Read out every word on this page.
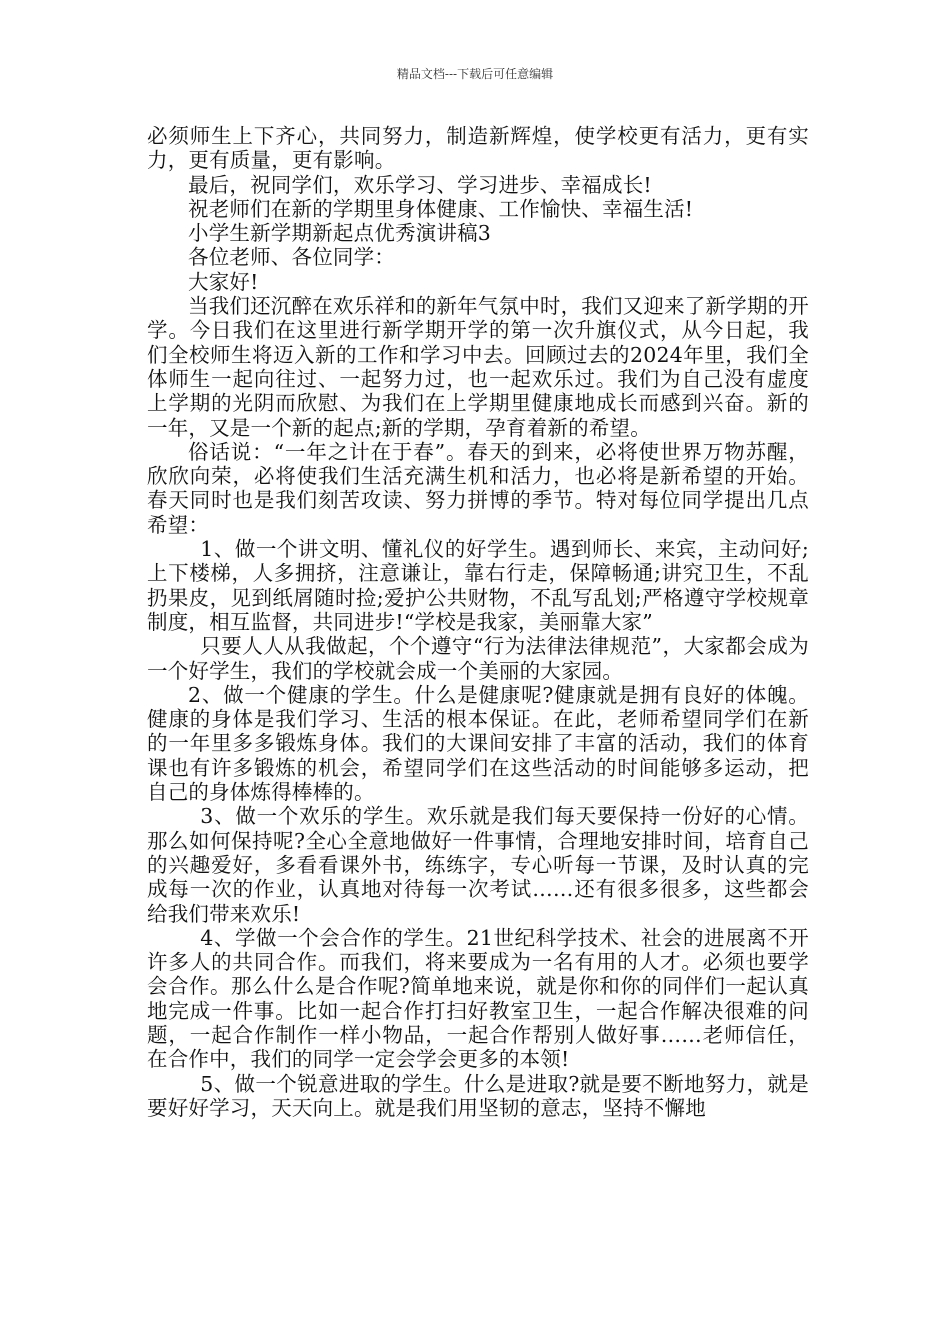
精品文档---下载后可任意编辑

必须师生上下齐心，共同努力，制造新辉煌，使学校更有活力，更有实力，更有质量，更有影响。

最后，祝同学们，欢乐学习、学习进步、幸福成长!

祝老师们在新的学期里身体健康、工作愉快、幸福生活!

小学生新学期新起点优秀演讲稿3

各位老师、各位同学：

大家好!

当我们还沉醉在欢乐祥和的新年气氛中时，我们又迎来了新学期的开学。今日我们在这里进行新学期开学的第一次升旗仪式，从今日起，我们全校师生将迈入新的工作和学习中去。回顾过去的2024年里，我们全体师生一起向往过、一起努力过，也一起欢乐过。我们为自己没有虚度上学期的光阴而欣慰、为我们在上学期里健康地成长而感到兴奋。新的一年，又是一个新的起点;新的学期，孕育着新的希望。

俗话说：“一年之计在于春”。春天的到来，必将使世界万物苏醒，欣欣向荣，必将使我们生活充满生机和活力，也必将是新希望的开始。春天同时也是我们刻苦攻读、努力拼博的季节。特对每位同学提出几点希望：

1、做一个讲文明、懂礼仪的好学生。遇到师长、来宾，主动问好;上下楼梯，人多拥挤，注意谦让，靠右行走，保障畅通;讲究卫生，不乱扔果皮，见到纸屑随时捡;爱护公共财物，不乱写乱划;严格遵守学校规章制度，相互监督，共同进步!“学校是我家，美丽靠大家”

只要人人从我做起，个个遵守“行为法律法律规范”，大家都会成为一个好学生，我们的学校就会成一个美丽的大家园。

2、做一个健康的学生。什么是健康呢?健康就是拥有良好的体魄。健康的身体是我们学习、生活的根本保证。在此，老师希望同学们在新的一年里多多锻炼身体。我们的大课间安排了丰富的活动，我们的体育课也有许多锻炼的机会，希望同学们在这些活动的时间能够多运动，把自己的身体炼得棒棒的。

3、做一个欢乐的学生。欢乐就是我们每天要保持一份好的心情。那么如何保持呢?全心全意地做好一件事情，合理地安排时间，培育自己的兴趣爱好，多看看课外书，练练字，专心听每一节课，及时认真的完成每一次的作业，认真地对待每一次考试……还有很多很多，这些都会给我们带来欢乐!

4、学做一个会合作的学生。21世纪科学技术、社会的进展离不开许多人的共同合作。而我们，将来要成为一名有用的人才。必须也要学会合作。那么什么是合作呢?简单地来说，就是你和你的同伴们一起认真地完成一件事。比如一起合作打扫好教室卫生，一起合作解决很难的问题，一起合作制作一样小物品，一起合作帮别人做好事……老师信任，在合作中，我们的同学一定会学会更多的本领!

5、做一个锐意进取的学生。什么是进取?就是要不断地努力，就是要好好学习，天天向上。就是我们用坚韧的意志，坚持不懈地
